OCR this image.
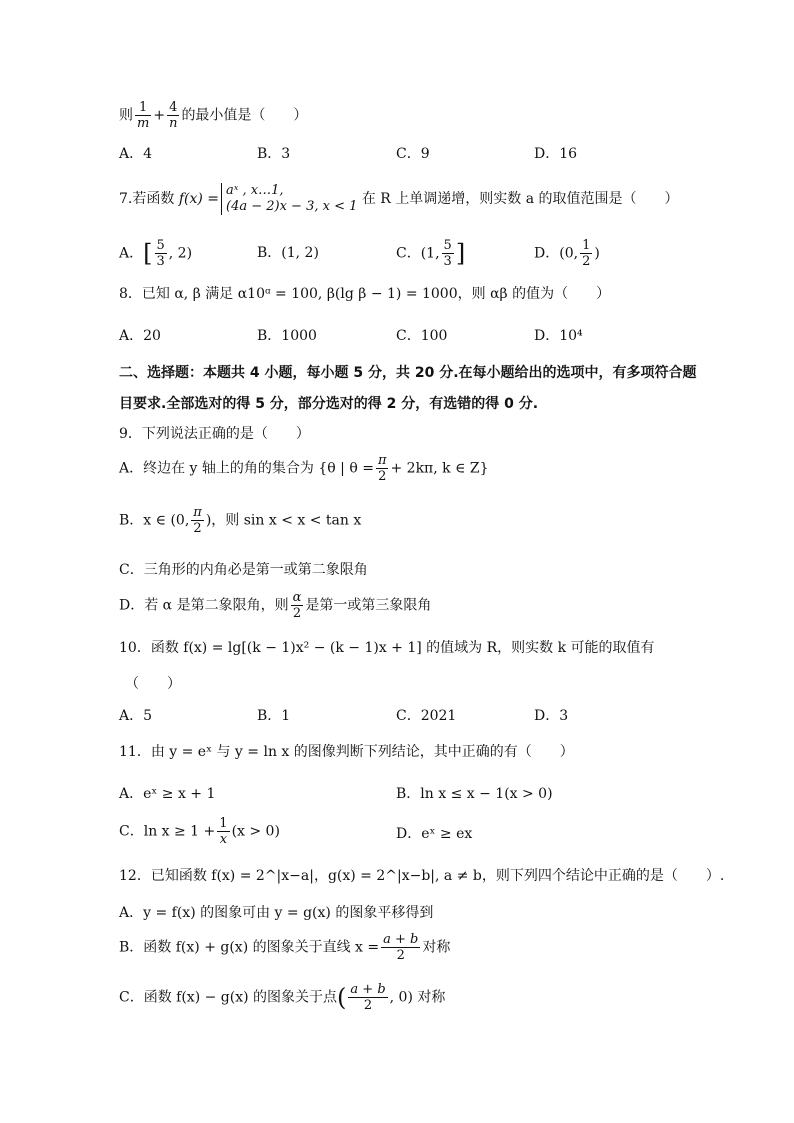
则 $\frac{1}{m} + \frac{4}{n}$ 的最小值是（　　）
A．4	B．3	C．9	D．16
7.若函数 f(x) =
aˣ , x…1,
(4a − 2)x − 3, x < 1 在 R 上单调递增，则实数 a 的取值范围是（　　）
A．[ $\frac{5}{3}$ , 2)	B．(1, 2)	C．(1, $\frac{5}{3}$ ]	D．(0, $\frac{1}{2}$ )
8．已知 α, β 满足 α10ᵅ = 100, β(lg β − 1) = 1000，则 αβ 的值为（　　）
A．20	B．1000	C．100	D．10⁴
二、选择题：本题共 4 小题，每小题 5 分，共 20 分.在每小题给出的选项中，有多项符合题
目要求.全部选对的得 5 分，部分选对的得 2 分，有选错的得 0 分.
9．下列说法正确的是（　　）
A．终边在 y 轴上的角的集合为 {θ | $\theta = \frac{\pi}{2} + 2k\pi$, k ∈ Z}
B．x ∈ (0, $\frac{\pi}{2}$ )，则 sin x < x < tan x
C．三角形的内角必是第一或第二象限角
D．若 α 是第二象限角，则 $\frac{\alpha}{2}$ 是第一或第三象限角
10．函数 f(x) = lg[(k − 1)x² − (k − 1)x + 1] 的值域为 R，则实数 k 可能的取值有
（　　）
A．5	B．1	C．2021	D．3
11．由 y = eˣ 与 y = ln x 的图像判断下列结论，其中正确的有（　　）
A．eˣ ≥ x + 1	B．ln x ≤ x − 1(x > 0)
C．$\ln x \ge 1 + \frac{1}{x} (x > 0)$	D．eˣ ≥ ex
12．已知函数 f(x) = 2^|x−a|，g(x) = 2^|x−b|, a ≠ b，则下列四个结论中正确的是（　　）.
A．y = f(x) 的图象可由 y = g(x) 的图象平移得到
B．函数 f(x) + g(x) 的图象关于直线 $x = \frac{a + b}{2}$ 对称
C．函数 f(x) − g(x) 的图象关于点( $\frac{a + b}{2}$ , 0) 对称
